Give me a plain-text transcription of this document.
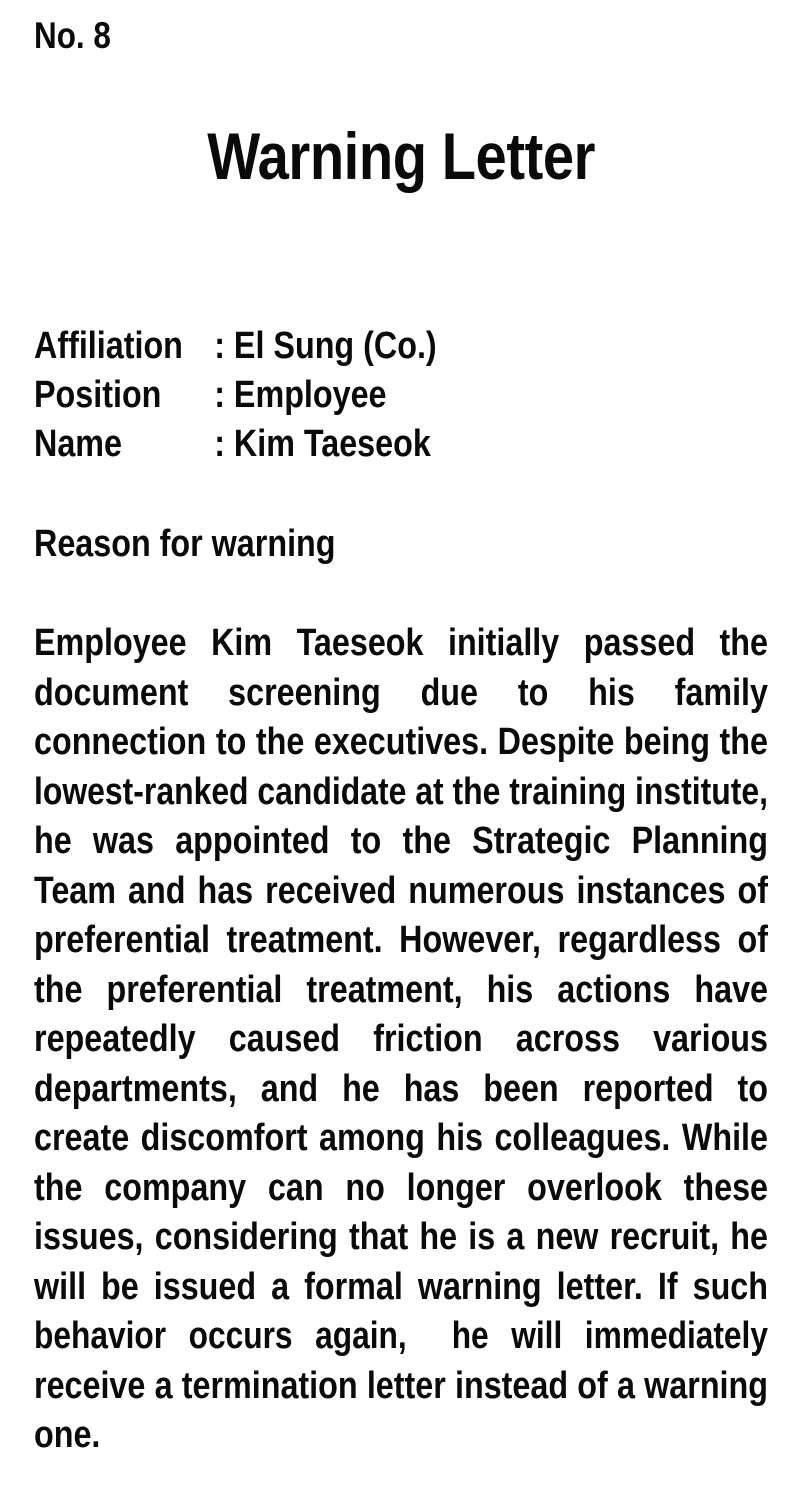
No. 8
Warning Letter
Affiliation : El Sung (Co.)
Position : Employee
Name : Kim Taeseok
Reason for warning
Employee Kim Taeseok initially passed the
document screening due to his family
connection to the executives. Despite being the
lowest-ranked candidate at the training institute,
he was appointed to the Strategic Planning
Team and has received numerous instances of
preferential treatment. However, regardless of
the preferential treatment, his actions have
repeatedly caused friction across various
departments, and he has been reported to
create discomfort among his colleagues. While
the company can no longer overlook these
issues, considering that he is a new recruit, he
will be issued a formal warning letter. If such
behavior occurs again,  he will immediately
receive a termination letter instead of a warning
one.
